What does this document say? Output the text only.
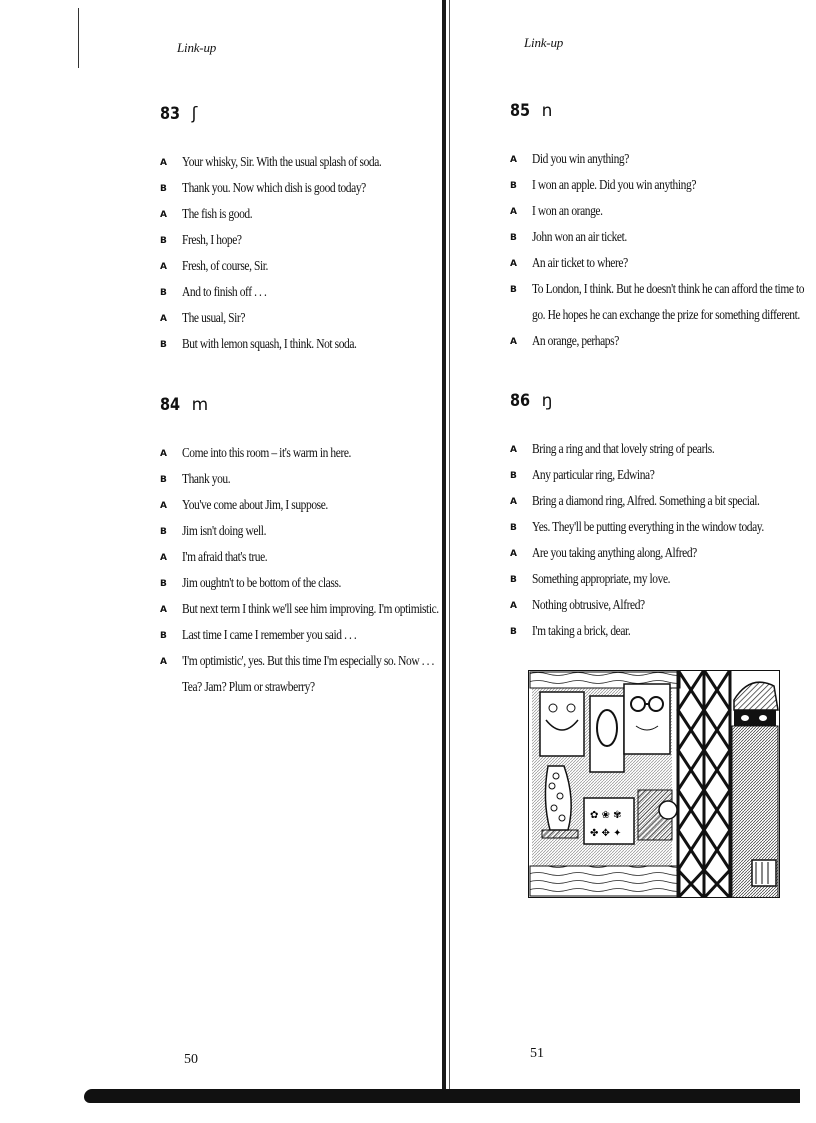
Link-up
83 ʃ
A	Your whisky, Sir. With the usual splash of soda.
B	Thank you. Now which dish is good today?
A	The fish is good.
B	Fresh, I hope?
A	Fresh, of course, Sir.
B	And to finish off . . .
A	The usual, Sir?
B	But with lemon squash, I think. Not soda.
84 m
A	Come into this room – it's warm in here.
B	Thank you.
A	You've come about Jim, I suppose.
B	Jim isn't doing well.
A	I'm afraid that's true.
B	Jim oughtn't to be bottom of the class.
A	But next term I think we'll see him improving. I'm optimistic.
B	Last time I came I remember you said . . .
A	'I'm optimistic', yes. But this time I'm especially so. Now . . .
Tea? Jam? Plum or strawberry?
50
Link-up
85 n
A	Did you win anything?
B	I won an apple. Did you win anything?
A	I won an orange.
B	John won an air ticket.
A	An air ticket to where?
B	To London, I think. But he doesn't think he can afford the time to
go. He hopes he can exchange the prize for something different.
A	An orange, perhaps?
86 ŋ
A	Bring a ring and that lovely string of pearls.
B	Any particular ring, Edwina?
A	Bring a diamond ring, Alfred. Something a bit special.
B	Yes. They'll be putting everything in the window today.
A	Are you taking anything along, Alfred?
B	Something appropriate, my love.
A	Nothing obtrusive, Alfred?
B	I'm taking a brick, dear.
51
✿ ❀ ✾
✤ ✥ ✦
